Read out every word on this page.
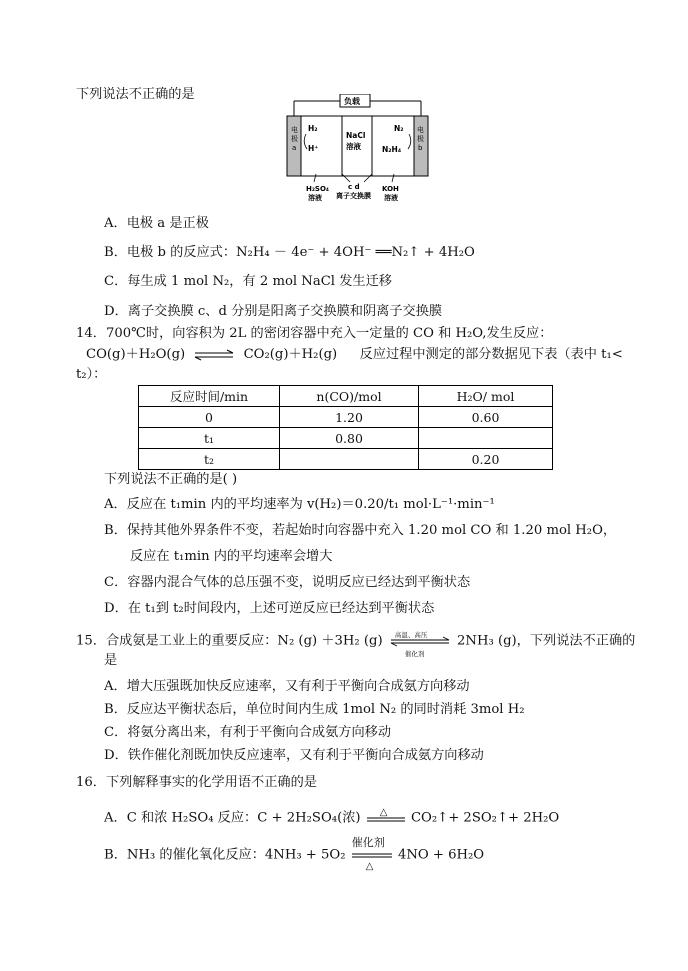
下列说法不正确的是
电
极
a
电
极
b
负载
H₂
H⁺
NaCl
溶液
N₂
N₂H₄
H₂SO₄
溶液
c d
离子交换膜
KOH
溶液
A．电极 a 是正极
B．电极 b 的反应式：N₂H₄ － 4e⁻ + 4OH⁻ ══N₂↑ + 4H₂O
C．每生成 1 mol N₂，有 2 mol NaCl 发生迁移
D．离子交换膜 c、d 分别是阳离子交换膜和阴离子交换膜
14．700℃时，向容积为 2L 的密闭容器中充入一定量的 CO 和 H₂O,发生反应：
CO(g)＋H₂O(g) ⇌ CO₂(g)＋H₂(g) 反应过程中测定的部分数据见下表（表中 t₁<
t₂）：
反应时间/min	n(CO)/mol	H₂O/ mol
0	1.20	0.60
t₁	0.80	
t₂		0.20
下列说法不正确的是( )
A．反应在 t₁min 内的平均速率为 v(H₂)＝0.20/t₁ mol·L⁻¹·min⁻¹
B．保持其他外界条件不变，若起始时向容器中充入 1.20 mol CO 和 1.20 mol H₂O，
反应在 t₁min 内的平均速率会增大
C．容器内混合气体的总压强不变，说明反应已经达到平衡状态
D．在 t₁到 t₂时间段内，上述可逆反应已经达到平衡状态
15．合成氨是工业上的重要反应：N₂ (g) ＋3H₂ (g) 高温、高压
催化剂
2NH₃ (g)，下列说法不正确的
是
A．增大压强既加快反应速率，又有利于平衡向合成氨方向移动
B．反应达平衡状态后，单位时间内生成 1mol N₂ 的同时消耗 3mol H₂
C．将氨分离出来，有利于平衡向合成氨方向移动
D．铁作催化剂既加快反应速率，又有利于平衡向合成氨方向移动
16．下列解释事实的化学用语不正确的是
A．C 和浓 H₂SO₄ 反应：C + 2H₂SO₄(浓) △ CO₂↑+ 2SO₂↑+ 2H₂O
B．NH₃ 的催化氧化反应：4NH₃ + 5O₂
催化剂
△
4NO + 6H₂O
